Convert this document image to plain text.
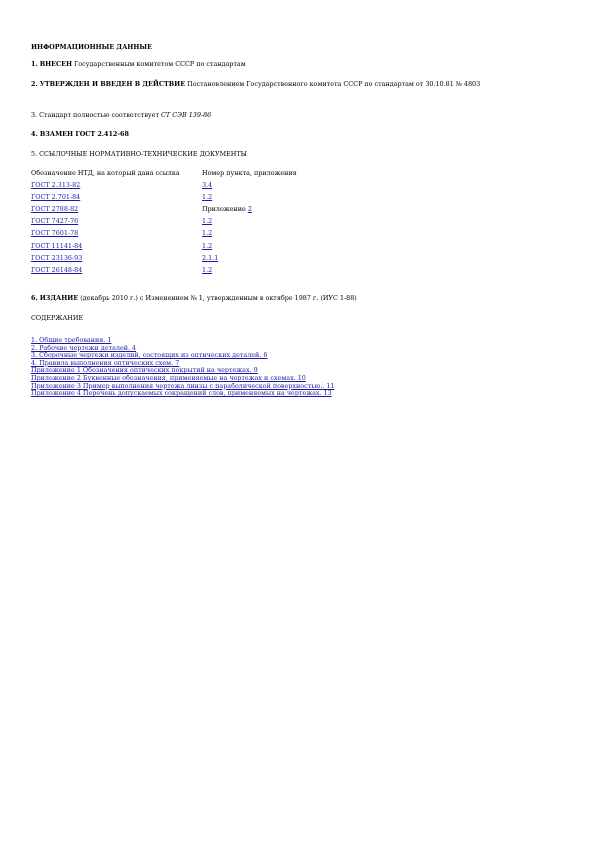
ИНФОРМАЦИОННЫЕ ДАННЫЕ

1. ВНЕСЕН Государственным комитетом СССР по стандартам

2. УТВЕРЖДЕН И ВВЕДЕН В ДЕЙСТВИЕ Постановлением Государственного комитета СССР по стандартам от 30.10.81 № 4803

3. Стандарт полностью соответствует СТ СЭВ 139-86

4. ВЗАМЕН ГОСТ 2.412-68

5. ССЫЛОЧНЫЕ НОРМАТИВНО-ТЕХНИЧЕСКИЕ ДОКУМЕНТЫ

Обозначение НТД, на который дана ссылка	Номер пункта, приложения
ГОСТ 2.313-82	3.4
ГОСТ 2.701-84	1.2
ГОСТ 2788-82	Приложение 2
ГОСТ 7427-76	1.2
ГОСТ 7601-78	1.2
ГОСТ 11141-84	1.2
ГОСТ 23136-93	2.1.1
ГОСТ 26148-84	1.2

6. ИЗДАНИЕ (декабрь 2010 г.) с Изменением № 1, утвержденным в октябре 1987 г. (ИУС 1-88)

СОДЕРЖАНИЕ

1. Общие требования. 1
2. Рабочие чертежи деталей. 4
3. Сборочные чертежи изделий, состоящих из оптических деталей. 6
4. Правила выполнения оптических схем. 7
Приложение 1 Обозначения оптических покрытий на чертежах. 9
Приложение 2 Буквенные обозначения, применяемые на чертежах и схемах. 10
Приложение 3 Пример выполнения чертежа линзы с параболической поверхностью.. 11
Приложение 4 Перечень допускаемых сокращений слов, применяемых на чертежах. 13
